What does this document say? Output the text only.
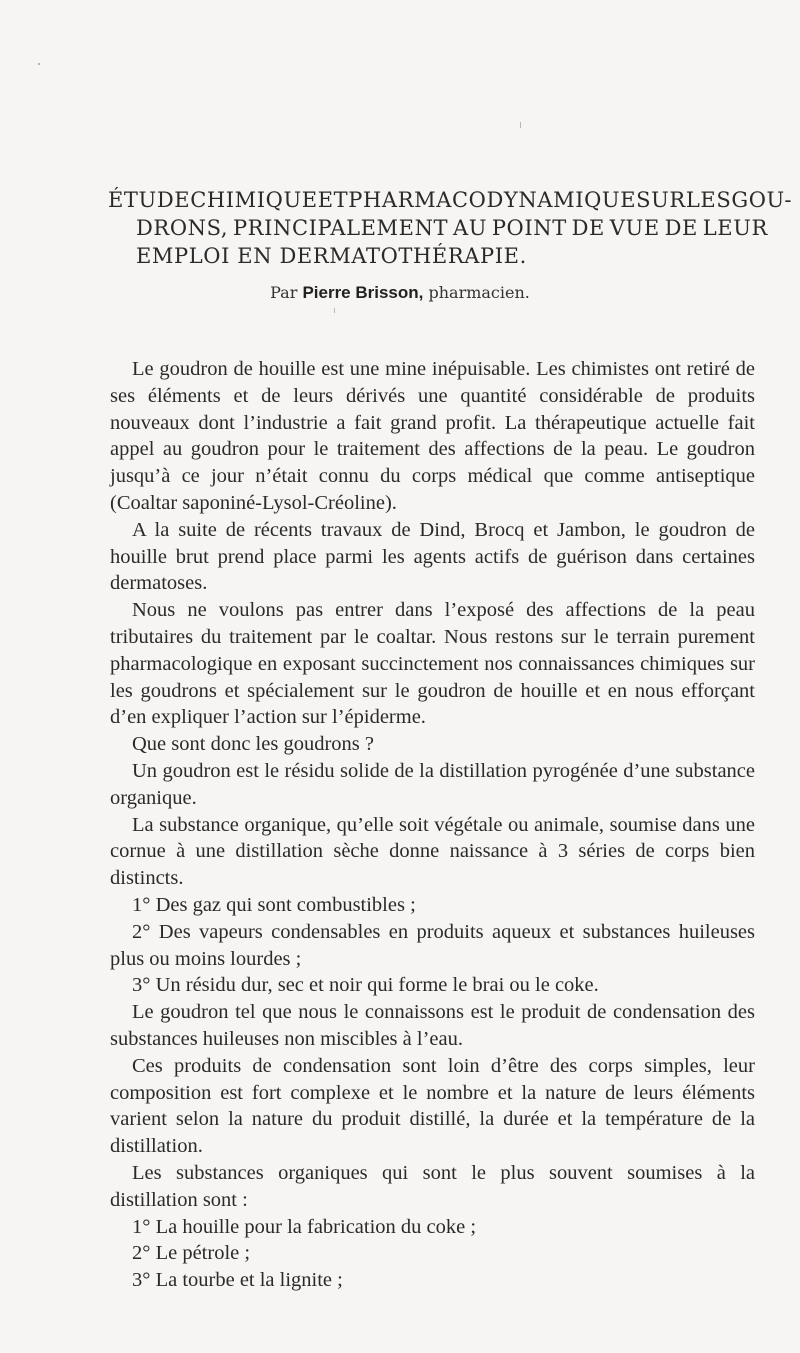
ÉTUDE CHIMIQUE ET PHARMACODYNAMIQUE SUR LES GOU-
DRONS, PRINCIPALEMENT AU POINT DE VUE DE LEUR
EMPLOI EN DERMATOTHÉRAPIE.
Par Pierre Brisson, pharmacien.

Le goudron de houille est une mine inépuisable. Les chimistes ont retiré de ses éléments et de leurs dérivés une quantité considérable de produits nouveaux dont l’industrie a fait grand profit. La thérapeutique actuelle fait appel au goudron pour le traitement des affections de la peau. Le goudron jusqu’à ce jour n’était connu du corps médical que comme antiseptique (Coaltar saponiné-Lysol-Créoline).

A la suite de récents travaux de Dind, Brocq et Jambon, le goudron de houille brut prend place parmi les agents actifs de guérison dans certaines dermatoses.

Nous ne voulons pas entrer dans l’exposé des affections de la peau tributaires du traitement par le coaltar. Nous restons sur le terrain purement pharmacologique en exposant succinctement nos connaissances chimiques sur les goudrons et spécialement sur le goudron de houille et en nous efforçant d’en expliquer l’action sur l’épiderme.

Que sont donc les goudrons ?

Un goudron est le résidu solide de la distillation pyrogénée d’une substance organique.

La substance organique, qu’elle soit végétale ou animale, soumise dans une cornue à une distillation sèche donne naissance à 3 séries de corps bien distincts.

1° Des gaz qui sont combustibles ;

2° Des vapeurs condensables en produits aqueux et substances huileuses plus ou moins lourdes ;

3° Un résidu dur, sec et noir qui forme le brai ou le coke.

Le goudron tel que nous le connaissons est le produit de condensation des substances huileuses non miscibles à l’eau.

Ces produits de condensation sont loin d’être des corps simples, leur composition est fort complexe et le nombre et la nature de leurs éléments varient selon la nature du produit distillé, la durée et la température de la distillation.

Les substances organiques qui sont le plus souvent soumises à la distillation sont :

1° La houille pour la fabrication du coke ;

2° Le pétrole ;

3° La tourbe et la lignite ;
